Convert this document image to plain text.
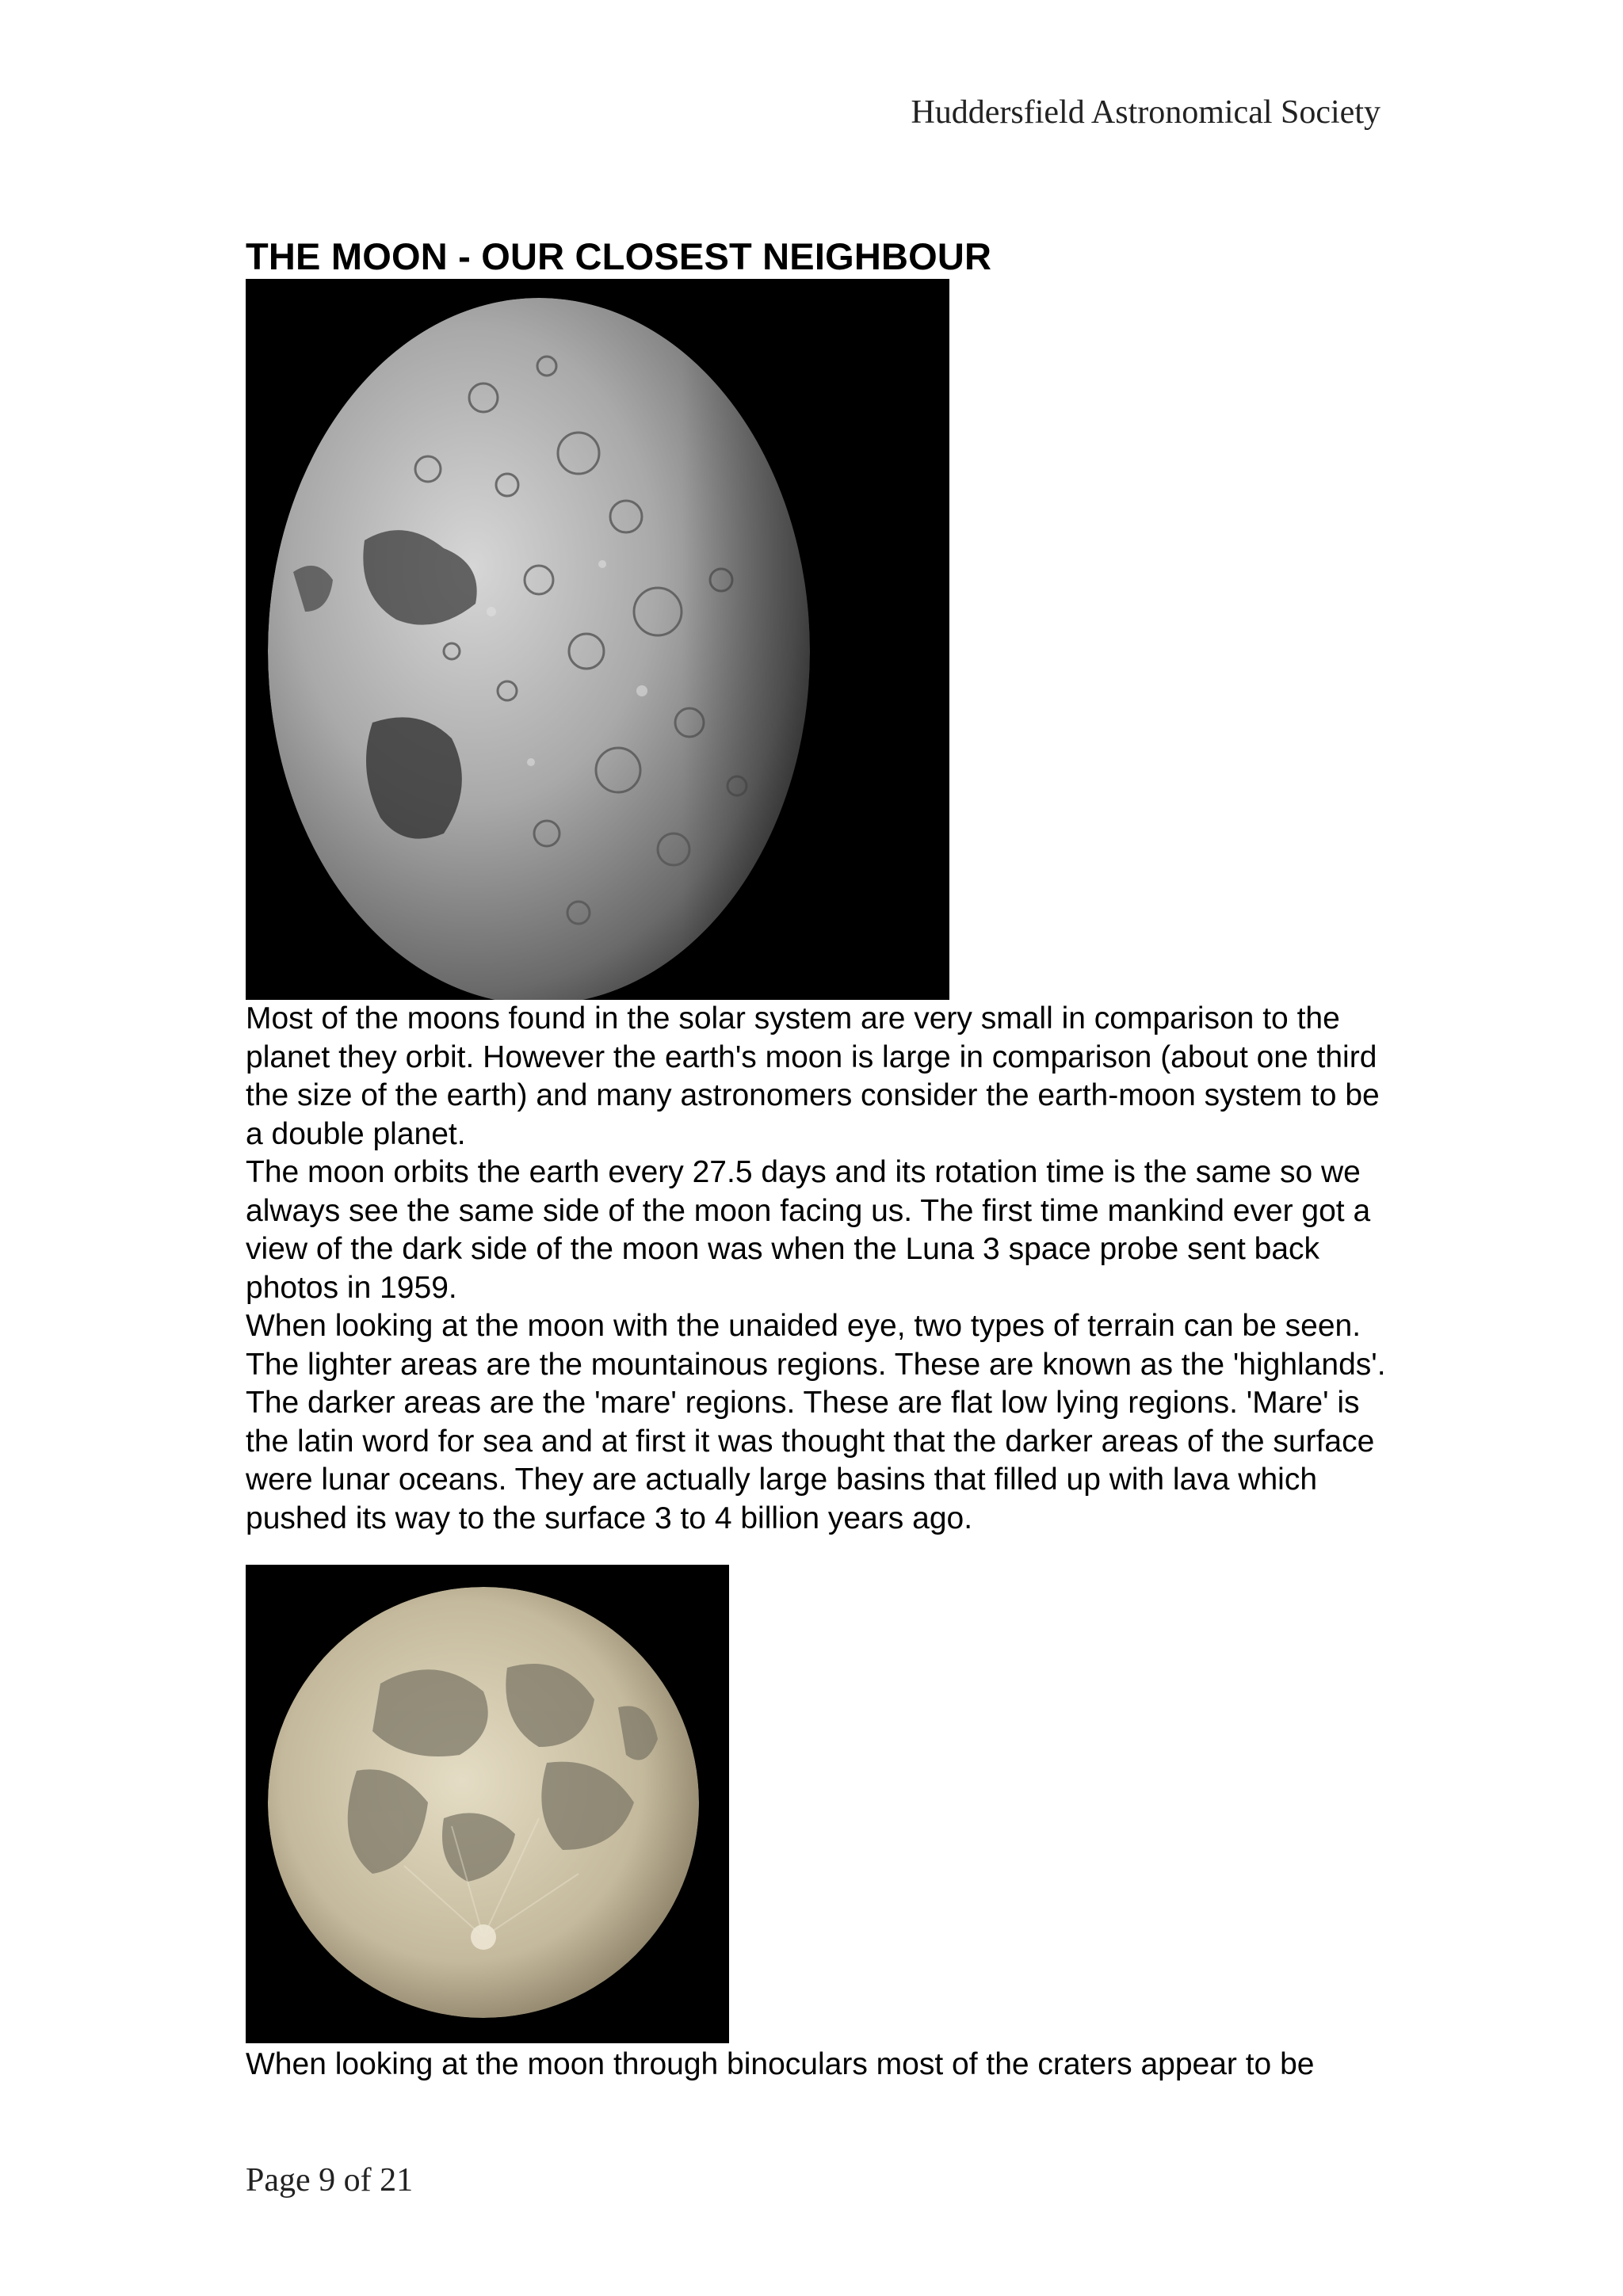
Huddersfield Astronomical Society
THE MOON - OUR CLOSEST NEIGHBOUR

Most of the moons found in the solar system are very small in comparison to the planet they orbit. However the earth's moon is large in comparison (about one third the size of the earth) and many astronomers consider the earth-moon system to be a double planet.

The moon orbits the earth every 27.5 days and its rotation time is the same so we always see the same side of the moon facing us. The first time mankind ever got a view of the dark side of the moon was when the Luna 3 space probe sent back photos in 1959.

When looking at the moon with the unaided eye, two types of terrain can be seen. The lighter areas are the mountainous regions. These are known as the 'highlands'. The darker areas are the 'mare' regions. These are flat low lying regions. 'Mare' is the latin word for sea and at first it was thought that the darker areas of the surface were lunar oceans. They are actually large basins that filled up with lava which pushed its way to the surface 3 to 4 billion years ago.

When looking at the moon through binoculars most of the craters appear to be
Page 9 of 21
